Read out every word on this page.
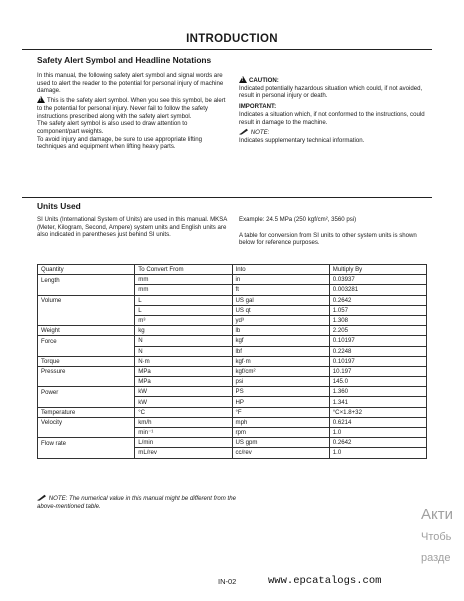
INTRODUCTION
Safety Alert Symbol and Headline Notations

In this manual, the following safety alert symbol and signal words are used to alert the reader to the potential for personal injury of machine damage.

!This is the safety alert symbol. When you see this symbol, be alert to the potential for personal injury. Never fail to follow the safety instructions prescribed along with the safety alert symbol.

The safety alert symbol is also used to draw attention to component/part weights.

To avoid injury and damage, be sure to use appropriate lifting techniques and equipment when lifting heavy parts.

!CAUTION:

Indicated potentially hazardous situation which could, if not avoided, result in personal injury or death.

IMPORTANT:

Indicates a situation which, if not conformed to the instructions, could result in damage to the machine.

NOTE:

Indicates supplementary technical information.

Units Used
SI Units (International System of Units) are used in this manual. MKSA (Meter, Kilogram, Second, Ampere) system units and English units are also indicated in parentheses just behind SI units.

Example: 24.5 MPa (250 kgf/cm², 3560 psi)

A table for conversion from SI units to other system units is shown below for reference purposes.

Quantity	To Convert From	Into	Multiply By
Length	mm	in	0.03937
	mm	ft	0.003281
Volume	L	US gal	0.2642
	L	US qt	1.057
	m³	yd³	1.308
Weight	kg	lb	2.205
Force	N	kgf	0.10197
	N	lbf	0.2248
Torque	N·m	kgf·m	0.10197
Pressure	MPa	kgf/cm²	10.197
	MPa	psi	145.0
Power	kW	PS	1.360
	kW	HP	1.341
Temperature	°C	°F	°C×1.8+32
Velocity	km/h	mph	0.6214
	min⁻¹	rpm	1.0
Flow rate	L/min	US gpm	0.2642
	mL/rev	cc/rev	1.0
NOTE: The numerical value in this manual might be different from the above-mentioned table.
IN-02	www.epcatalogs.com
Акти
Чтобь
разде
